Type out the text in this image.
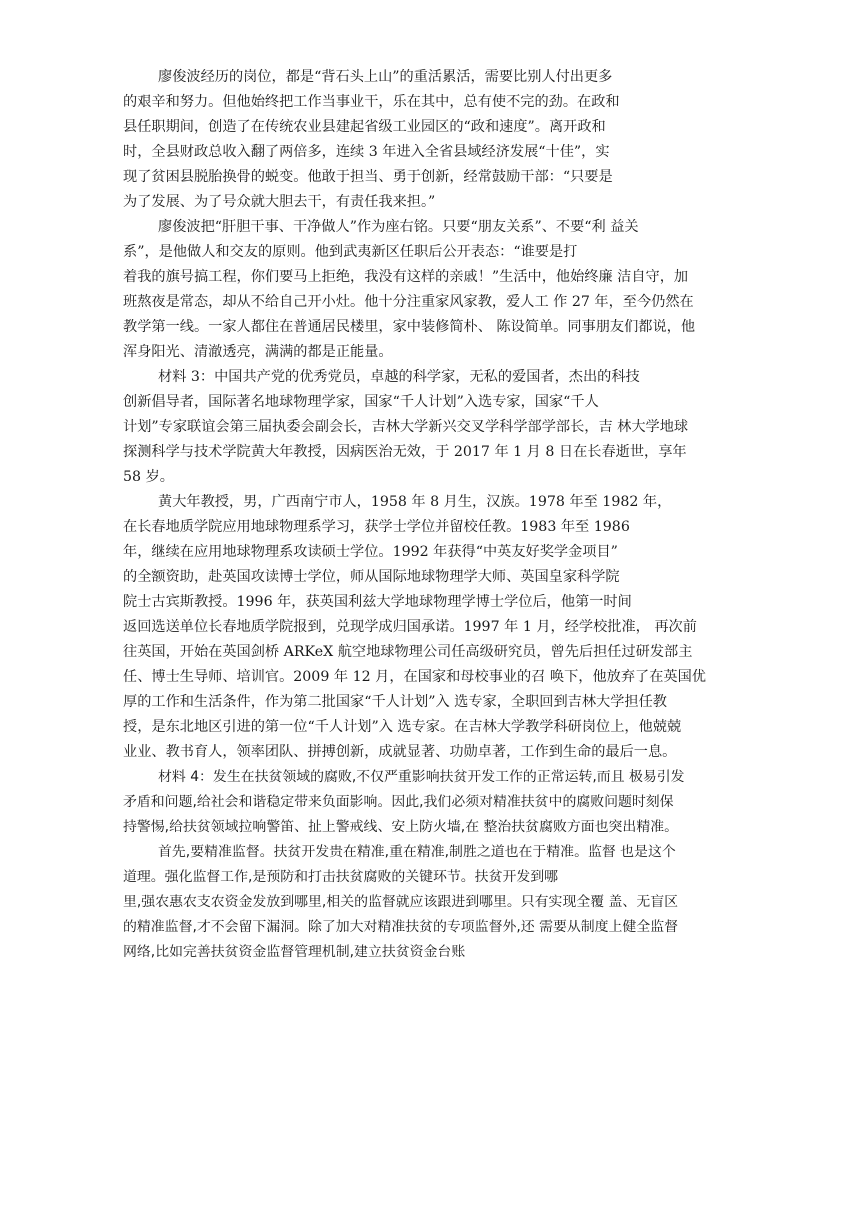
廖俊波经历的岗位，都是“背石头上山”的重活累活，需要比别人付出更多
的艰辛和努力。但他始终把工作当事业干，乐在其中，总有使不完的劲。在政和
县任职期间，创造了在传统农业县建起省级工业园区的“政和速度”。离开政和
时，全县财政总收入翻了两倍多，连续 3 年进入全省县域经济发展“十佳”，实
现了贫困县脱胎换骨的蜕变。他敢于担当、勇于创新，经常鼓励干部：“只要是
为了发展、为了号众就大胆去干，有责任我来担。”
廖俊波把“肝胆干事、干净做人”作为座右铭。只要“朋友关系”、不要“利 益关
系”，是他做人和交友的原则。他到武夷新区任职后公开表态：“谁要是打
着我的旗号搞工程，你们要马上拒绝，我没有这样的亲戚！”生活中，他始终廉 洁自守，加
班熬夜是常态，却从不给自己开小灶。他十分注重家风家教，爱人工 作 27 年，至今仍然在
教学第一线。一家人都住在普通居民楼里，家中装修简朴、 陈设简单。同事朋友们都说，他
浑身阳光、清澈透亮，满满的都是正能量。
材料 3：中国共产党的优秀党员，卓越的科学家，无私的爱国者，杰出的科技
创新倡导者，国际著名地球物理学家，国家“千人计划”入选专家，国家“千人
计划”专家联谊会第三届执委会副会长，吉林大学新兴交叉学科学部学部长，吉 林大学地球
探测科学与技术学院黄大年教授，因病医治无效，于 2017 年 1 月 8 日在长春逝世，享年
58 岁。
黄大年教授，男，广西南宁市人，1958 年 8 月生，汉族。1978 年至 1982 年，
在长春地质学院应用地球物理系学习，获学士学位并留校任教。1983 年至 1986
年，继续在应用地球物理系攻读硕士学位。1992 年获得“中英友好奖学金项目”
的全额资助，赴英国攻读博士学位，师从国际地球物理学大师、英国皇家科学院
院士古宾斯教授。1996 年，获英国利兹大学地球物理学博士学位后，他第一时间
返回选送单位长春地质学院报到，兑现学成归国承诺。1997 年 1 月，经学校批准， 再次前
往英国，开始在英国剑桥 ARKeX 航空地球物理公司任高级研究员，曾先后担任过研发部主
任、博士生导师、培训官。2009 年 12 月，在国家和母校事业的召 唤下，他放弃了在英国优
厚的工作和生活条件，作为第二批国家“千人计划”入 选专家，全职回到吉林大学担任教
授，是东北地区引进的第一位“千人计划”入 选专家。在吉林大学教学科研岗位上，他兢兢
业业、教书育人，领率团队、拼搏创新，成就显著、功勋卓著，工作到生命的最后一息。
材料 4：发生在扶贫领域的腐败,不仅严重影响扶贫开发工作的正常运转,而且 极易引发
矛盾和问题,给社会和谐稳定带来负面影响。因此,我们必须对精准扶贫中的腐败问题时刻保
持警惕,给扶贫领域拉响警笛、扯上警戒线、安上防火墙,在 整治扶贫腐败方面也突出精准。
首先,要精准监督。扶贫开发贵在精准,重在精准,制胜之道也在于精准。监督 也是这个
道理。强化监督工作,是预防和打击扶贫腐败的关键环节。扶贫开发到哪
里,强农惠农支农资金发放到哪里,相关的监督就应该跟进到哪里。只有实现全覆 盖、无盲区
的精准监督,才不会留下漏洞。除了加大对精准扶贫的专项监督外,还 需要从制度上健全监督
网络,比如完善扶贫资金监督管理机制,建立扶贫资金台账
